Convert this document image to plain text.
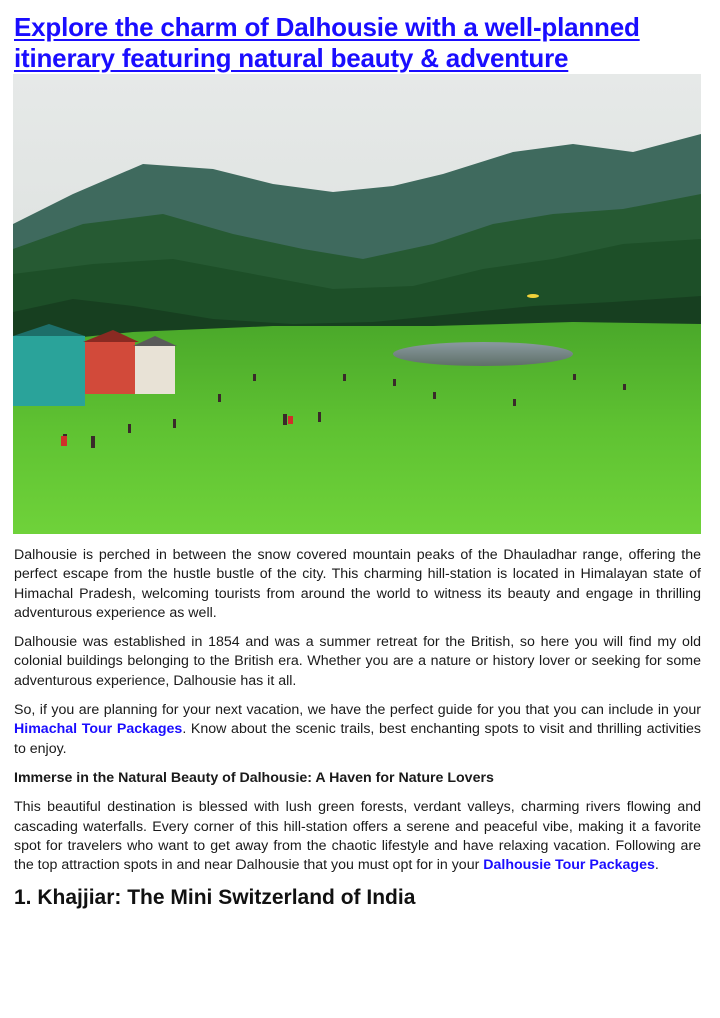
Explore the charm of Dalhousie with a well-planned itinerary featuring natural beauty & adventure

Dalhousie is perched in between the snow covered mountain peaks of the Dhauladhar range, offering the perfect escape from the hustle bustle of the city. This charming hill-station is located in Himalayan state of Himachal Pradesh, welcoming tourists from around the world to witness its beauty and engage in thrilling adventurous experience as well.

Dalhousie was established in 1854 and was a summer retreat for the British, so here you will find my old colonial buildings belonging to the British era. Whether you are a nature or history lover or seeking for some adventurous experience, Dalhousie has it all.

So, if you are planning for your next vacation, we have the perfect guide for you that you can include in your Himachal Tour Packages. Know about the scenic trails, best enchanting spots to visit and thrilling activities to enjoy.

Immerse in the Natural Beauty of Dalhousie: A Haven for Nature Lovers

This beautiful destination is blessed with lush green forests, verdant valleys, charming rivers flowing and cascading waterfalls. Every corner of this hill-station offers a serene and peaceful vibe, making it a favorite spot for travelers who want to get away from the chaotic lifestyle and have relaxing vacation. Following are the top attraction spots in and near Dalhousie that you must opt for in your Dalhousie Tour Packages.

1. Khajjiar: The Mini Switzerland of India
